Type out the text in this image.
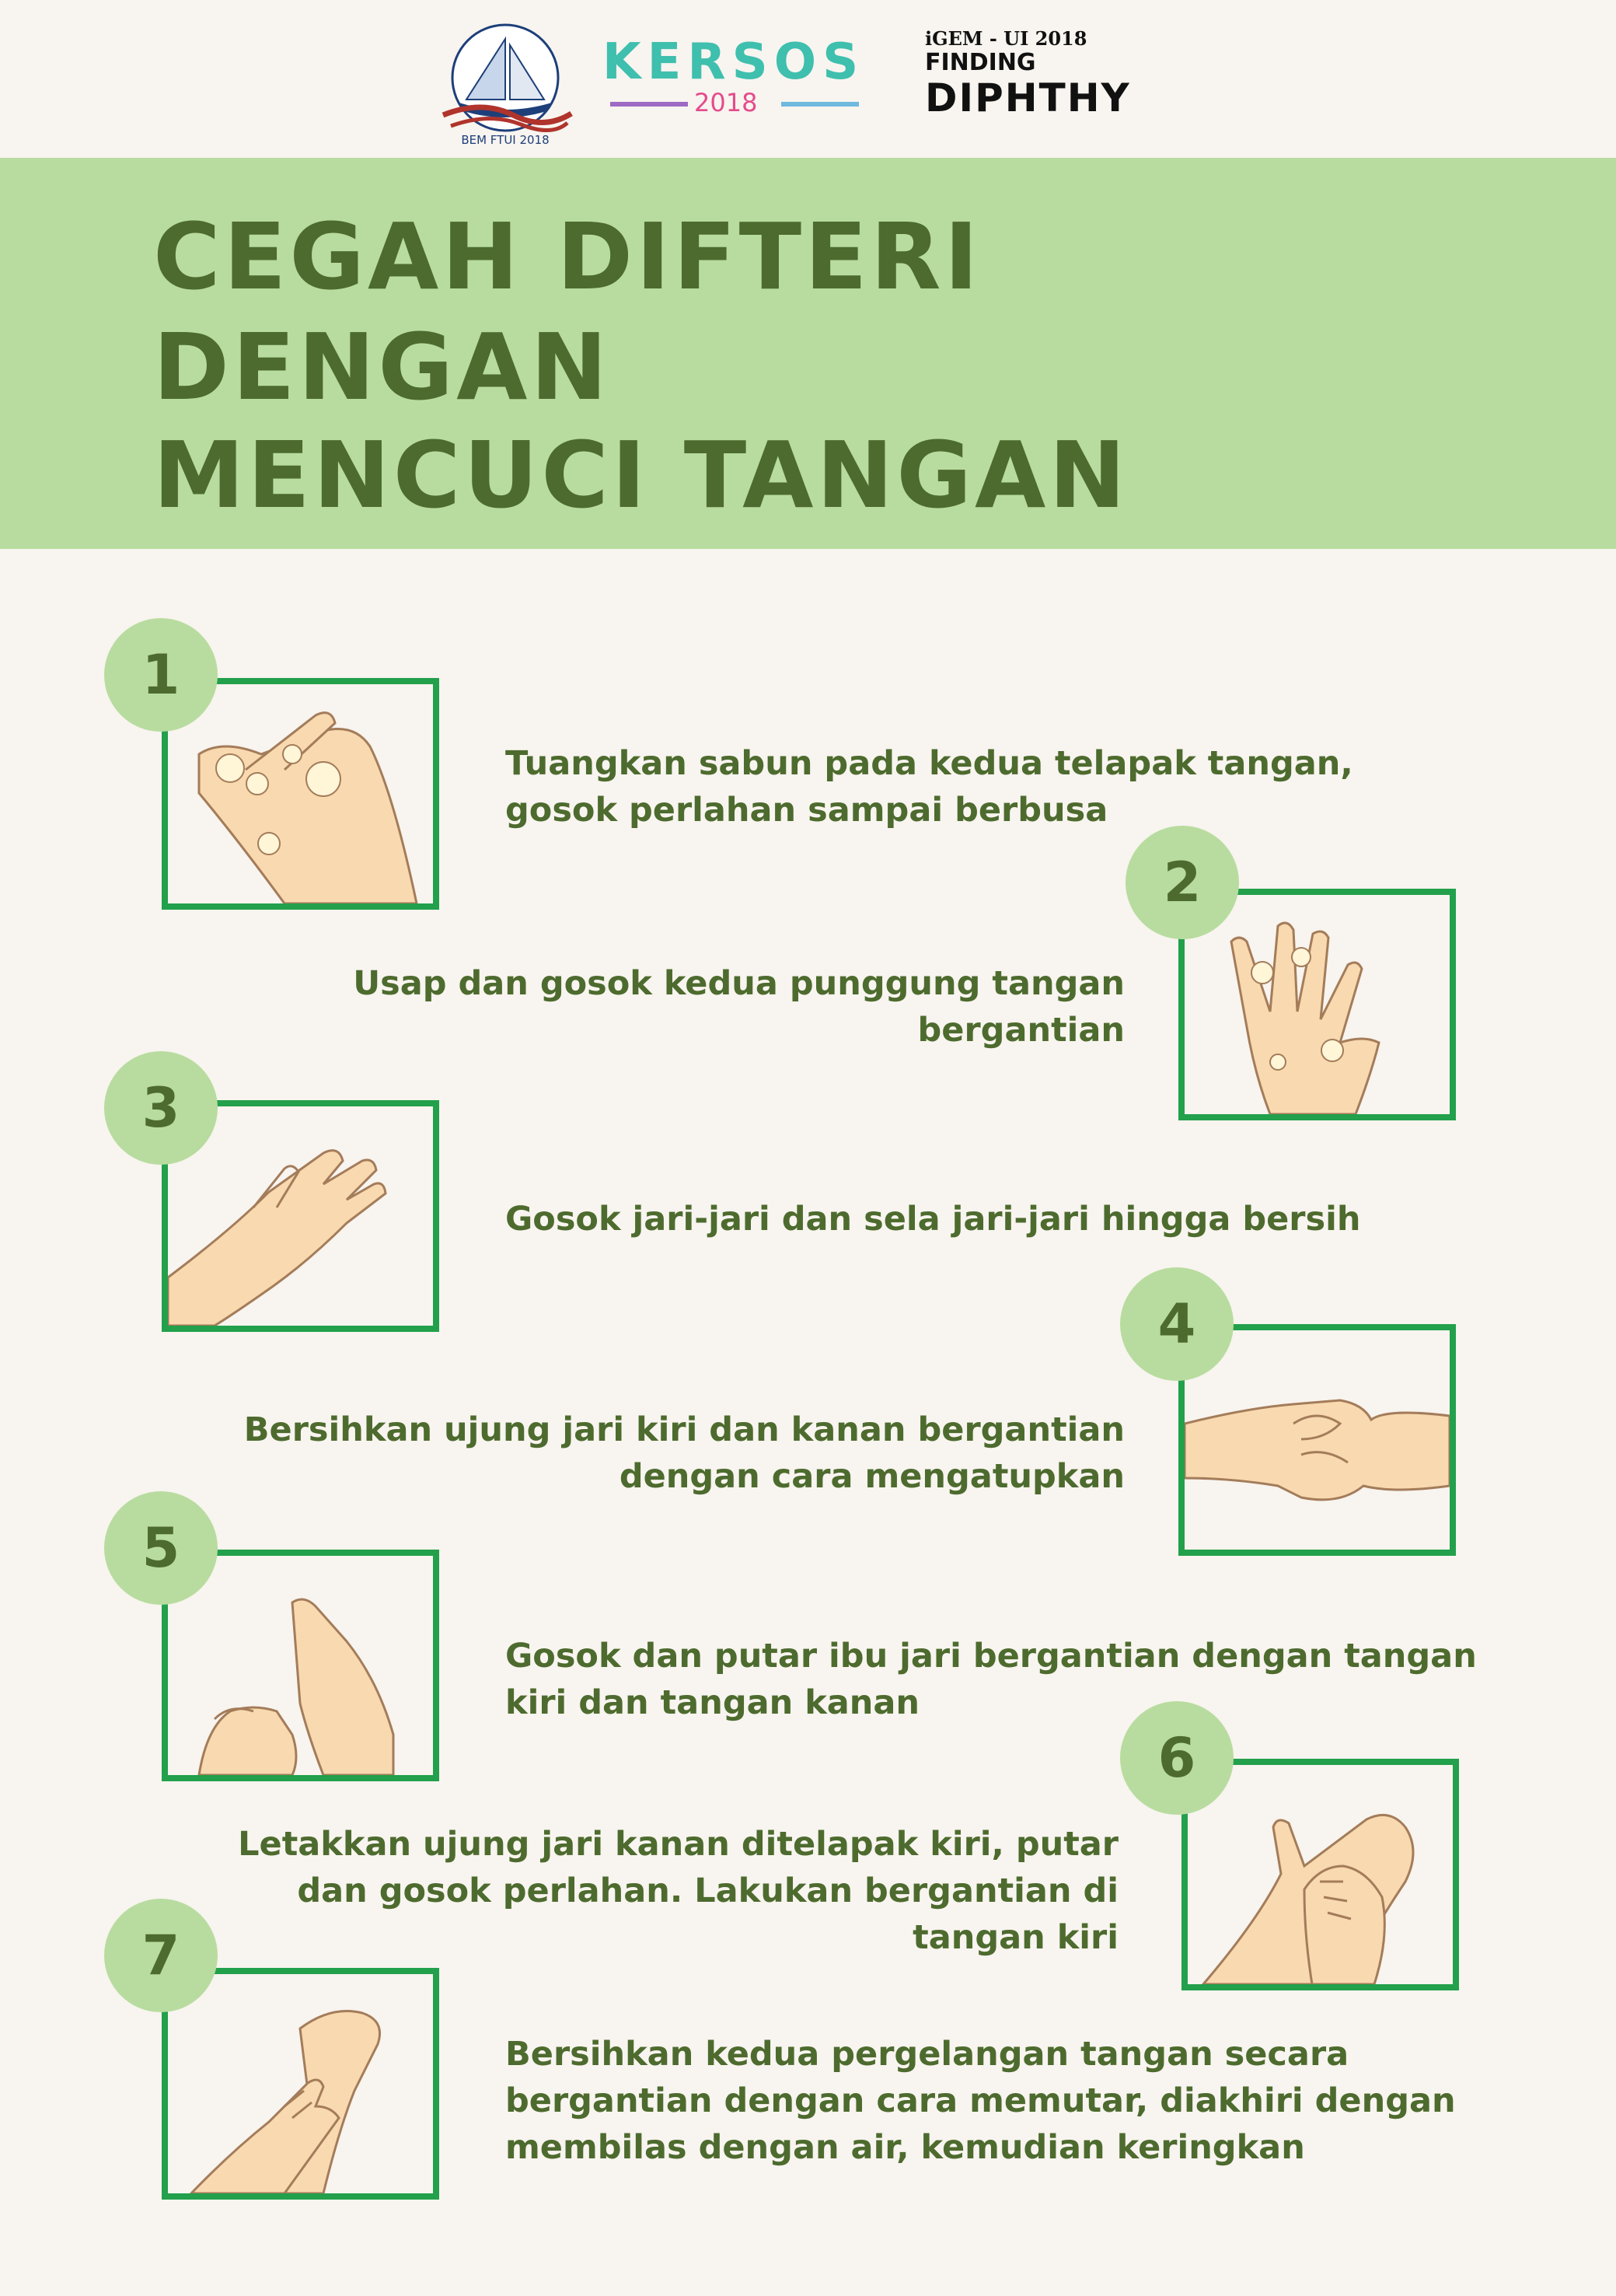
BEM FTUI 2018
KERSOS
2018
iGEM - UI 2018
FINDING
DIPHTHY
CEGAH DIFTERI
DENGAN
MENCUCI TANGAN
1
Tuangkan sabun pada kedua telapak tangan,
gosok perlahan sampai berbusa
2
Usap dan gosok kedua punggung tangan
bergantian
3
Gosok jari-jari dan sela jari-jari hingga bersih
4
Bersihkan ujung jari kiri dan kanan bergantian
dengan cara mengatupkan
5
Gosok dan putar ibu jari bergantian dengan tangan
kiri dan tangan kanan
6
Letakkan ujung jari kanan ditelapak kiri, putar
dan gosok perlahan. Lakukan bergantian di
tangan kiri
7
Bersihkan kedua pergelangan tangan secara
bergantian dengan cara memutar, diakhiri dengan
membilas dengan air, kemudian keringkan
